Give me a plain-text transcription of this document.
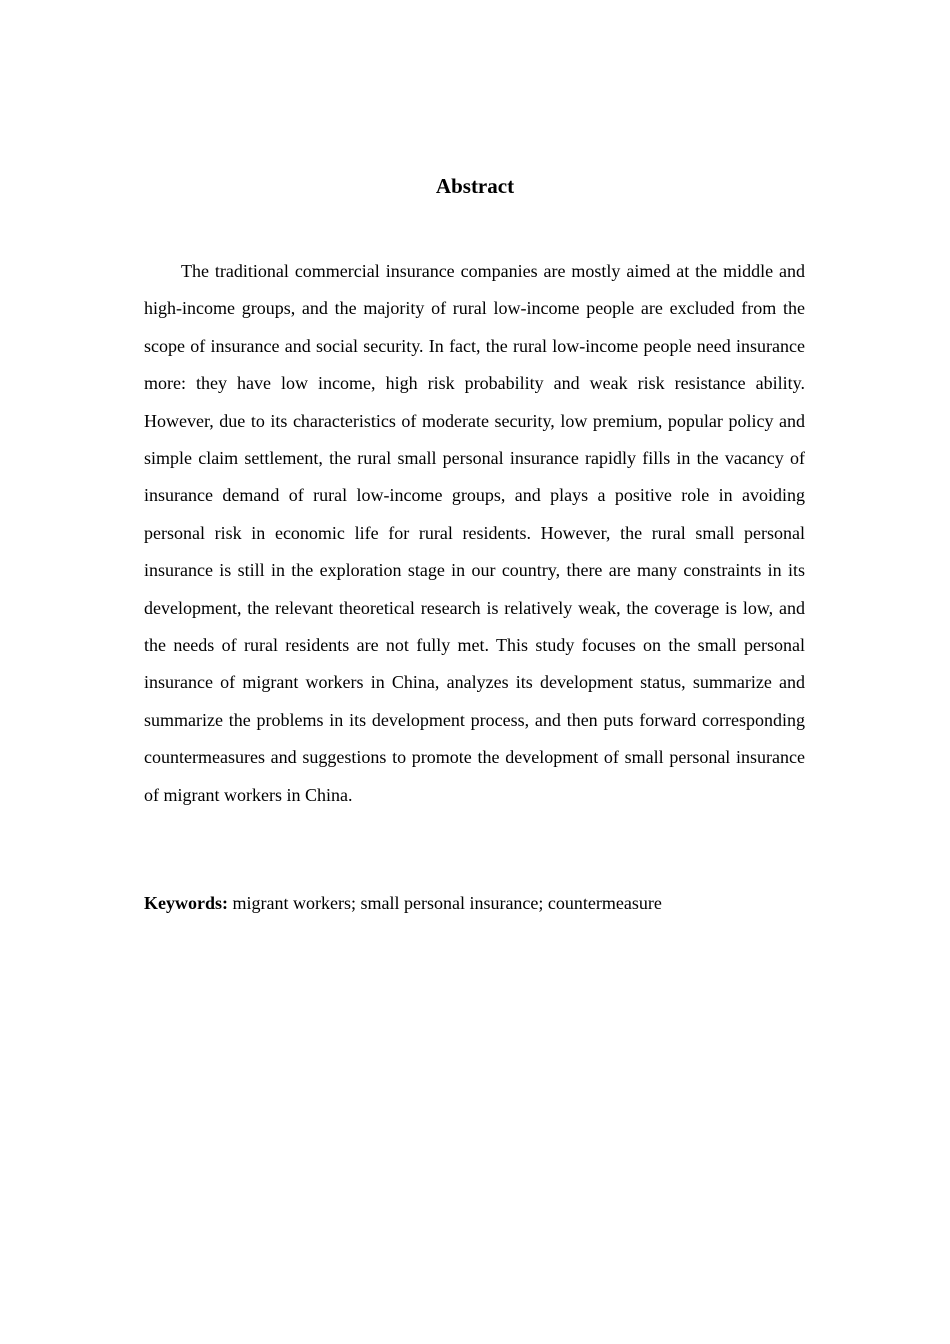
Abstract

The traditional commercial insurance companies are mostly aimed at the middle and high-income groups, and the majority of rural low-income people are excluded from the scope of insurance and social security. In fact, the rural low-income people need insurance more: they have low income, high risk probability and weak risk resistance ability. However, due to its characteristics of moderate security, low premium, popular policy and simple claim settlement, the rural small personal insurance rapidly fills in the vacancy of insurance demand of rural low-income groups, and plays a positive role in avoiding personal risk in economic life for rural residents. However, the rural small personal insurance is still in the exploration stage in our country, there are many constraints in its development, the relevant theoretical research is relatively weak, the coverage is low, and the needs of rural residents are not fully met. This study focuses on the small personal insurance of migrant workers in China, analyzes its development status, summarize and summarize the problems in its development process, and then puts forward corresponding countermeasures and suggestions to promote the development of small personal insurance of migrant workers in China.

Keywords: migrant workers; small personal insurance; countermeasure
